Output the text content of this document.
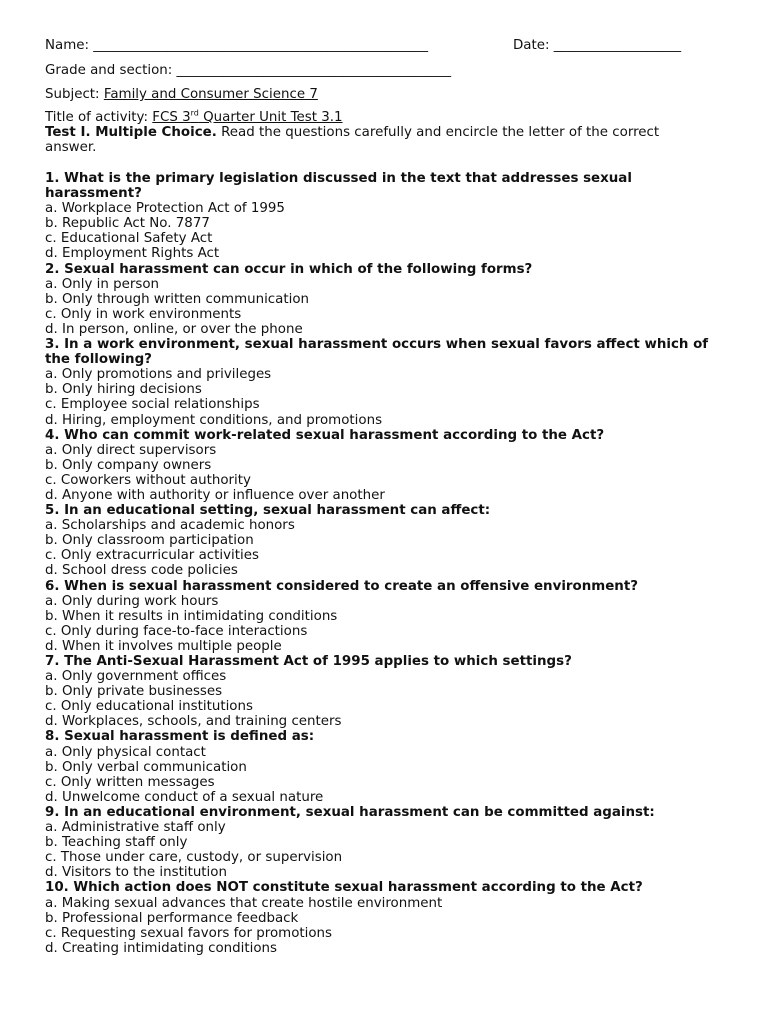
Name: __________________________________________________	Date: ___________________
Grade and section: _________________________________________
Subject: Family and Consumer Science 7
Title of activity: FCS 3rd Quarter Unit Test 3.1
Test I. Multiple Choice. Read the questions carefully and encircle the letter of the correct
answer.
1. What is the primary legislation discussed in the text that addresses sexual harassment?
a. Workplace Protection Act of 1995
b. Republic Act No. 7877
c. Educational Safety Act
d. Employment Rights Act
2. Sexual harassment can occur in which of the following forms?
a. Only in person
b. Only through written communication
c. Only in work environments
d. In person, online, or over the phone
3. In a work environment, sexual harassment occurs when sexual favors affect which of the following?
a. Only promotions and privileges
b. Only hiring decisions
c. Employee social relationships
d. Hiring, employment conditions, and promotions
4. Who can commit work-related sexual harassment according to the Act?
a. Only direct supervisors
b. Only company owners
c. Coworkers without authority
d. Anyone with authority or influence over another
5. In an educational setting, sexual harassment can affect:
a. Scholarships and academic honors
b. Only classroom participation
c. Only extracurricular activities
d. School dress code policies
6. When is sexual harassment considered to create an offensive environment?
a. Only during work hours
b. When it results in intimidating conditions
c. Only during face-to-face interactions
d. When it involves multiple people
7. The Anti-Sexual Harassment Act of 1995 applies to which settings?
a. Only government offices
b. Only private businesses
c. Only educational institutions
d. Workplaces, schools, and training centers
8. Sexual harassment is defined as:
a. Only physical contact
b. Only verbal communication
c. Only written messages
d. Unwelcome conduct of a sexual nature
9. In an educational environment, sexual harassment can be committed against:
a. Administrative staff only
b. Teaching staff only
c. Those under care, custody, or supervision
d. Visitors to the institution
10. Which action does NOT constitute sexual harassment according to the Act?
a. Making sexual advances that create hostile environment
b. Professional performance feedback
c. Requesting sexual favors for promotions
d. Creating intimidating conditions
